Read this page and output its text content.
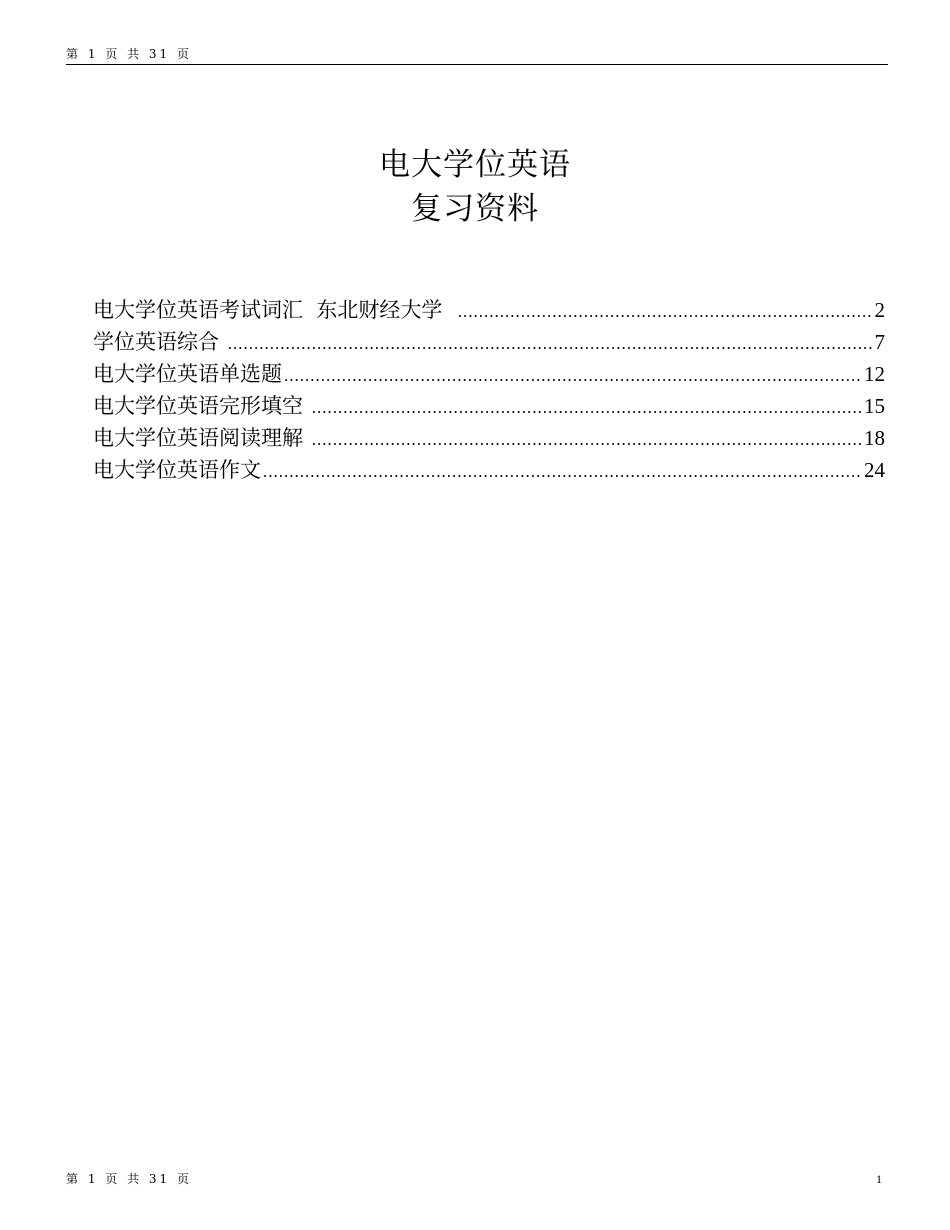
第 1 页 共 31 页
电大学位英语
复习资料
电大学位英语考试词汇  东北财经大学 .....	2
学位英语综合 .....	7
电大学位英语单选题 .....	12
电大学位英语完形填空 .....	15
电大学位英语阅读理解 .....	18
电大学位英语作文 .....	24
第 1 页 共 31 页	1
